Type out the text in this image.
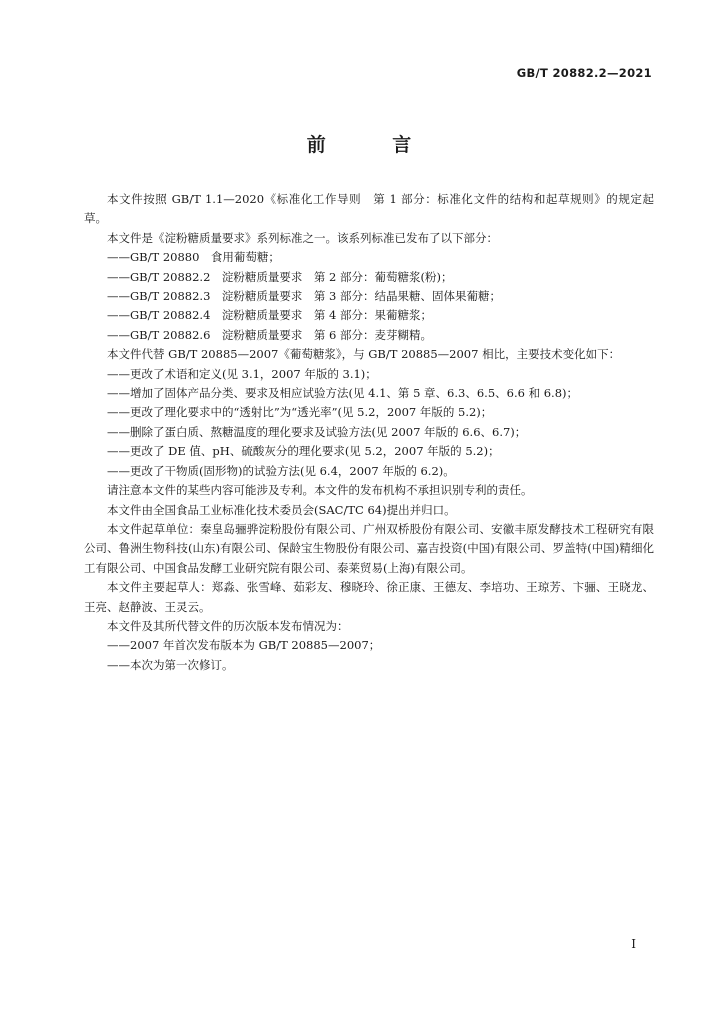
GB/T 20882.2—2021
前 言

本文件按照 GB/T 1.1—2020《标准化工作导则　第 1 部分：标准化文件的结构和起草规则》的规定起草。

本文件是《淀粉糖质量要求》系列标准之一。该系列标准已发布了以下部分：

——GB/T 20880　食用葡萄糖；

——GB/T 20882.2　淀粉糖质量要求　第 2 部分：葡萄糖浆(粉)；

——GB/T 20882.3　淀粉糖质量要求　第 3 部分：结晶果糖、固体果葡糖；

——GB/T 20882.4　淀粉糖质量要求　第 4 部分：果葡糖浆；

——GB/T 20882.6　淀粉糖质量要求　第 6 部分：麦芽糊精。

本文件代替 GB/T 20885—2007《葡萄糖浆》，与 GB/T 20885—2007 相比，主要技术变化如下：

——更改了术语和定义(见 3.1，2007 年版的 3.1)；

——增加了固体产品分类、要求及相应试验方法(见 4.1、第 5 章、6.3、6.5、6.6 和 6.8)；

——更改了理化要求中的“透射比”为“透光率”(见 5.2，2007 年版的 5.2)；

——删除了蛋白质、熬糖温度的理化要求及试验方法(见 2007 年版的 6.6、6.7)；

——更改了 DE 值、pH、硫酸灰分的理化要求(见 5.2，2007 年版的 5.2)；

——更改了干物质(固形物)的试验方法(见 6.4，2007 年版的 6.2)。

请注意本文件的某些内容可能涉及专利。本文件的发布机构不承担识别专利的责任。

本文件由全国食品工业标准化技术委员会(SAC/TC 64)提出并归口。

本文件起草单位：秦皇岛骊骅淀粉股份有限公司、广州双桥股份有限公司、安徽丰原发酵技术工程研究有限公司、鲁洲生物科技(山东)有限公司、保龄宝生物股份有限公司、嘉吉投资(中国)有限公司、罗盖特(中国)精细化工有限公司、中国食品发酵工业研究院有限公司、泰莱贸易(上海)有限公司。

本文件主要起草人：郑淼、张雪峰、茹彩友、穆晓玲、徐正康、王德友、李培功、王琼芳、卞骊、王晓龙、王亮、赵静波、王灵云。

本文件及其所代替文件的历次版本发布情况为：

——2007 年首次发布版本为 GB/T 20885—2007；

——本次为第一次修订。

I
